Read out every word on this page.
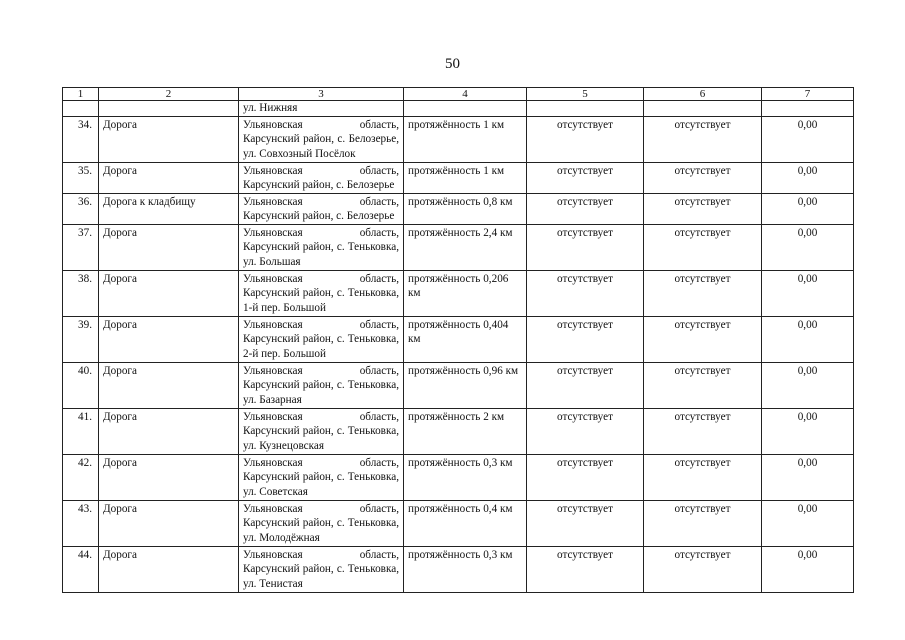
50
1	2	3	4	5	6	7
		ул. Нижняя				
34.	Дорога	Ульяновская область, Карсунский район, с. Белозерье, ул. Совхозный Посёлок	протяжённость 1 км	отсутствует	отсутствует	0,00
35.	Дорога	Ульяновская область, Карсунский район, с. Белозерье	протяжённость 1 км	отсутствует	отсутствует	0,00
36.	Дорога к кладбищу	Ульяновская область, Карсунский район, с. Белозерье	протяжённость 0,8 км	отсутствует	отсутствует	0,00
37.	Дорога	Ульяновская область, Карсунский район, с. Теньковка, ул. Большая	протяжённость 2,4 км	отсутствует	отсутствует	0,00
38.	Дорога	Ульяновская область, Карсунский район, с. Теньковка, 1-й пер. Большой	протяжённость 0,206 км	отсутствует	отсутствует	0,00
39.	Дорога	Ульяновская область, Карсунский район, с. Теньковка, 2-й пер. Большой	протяжённость 0,404 км	отсутствует	отсутствует	0,00
40.	Дорога	Ульяновская область, Карсунский район, с. Теньковка, ул. Базарная	протяжённость 0,96 км	отсутствует	отсутствует	0,00
41.	Дорога	Ульяновская область, Карсунский район, с. Теньковка, ул. Кузнецовская	протяжённость 2 км	отсутствует	отсутствует	0,00
42.	Дорога	Ульяновская область, Карсунский район, с. Теньковка, ул. Советская	протяжённость 0,3 км	отсутствует	отсутствует	0,00
43.	Дорога	Ульяновская область, Карсунский район, с. Теньковка, ул. Молодёжная	протяжённость 0,4 км	отсутствует	отсутствует	0,00
44.	Дорога	Ульяновская область, Карсунский район, с. Теньковка, ул. Тенистая	протяжённость 0,3 км	отсутствует	отсутствует	0,00
